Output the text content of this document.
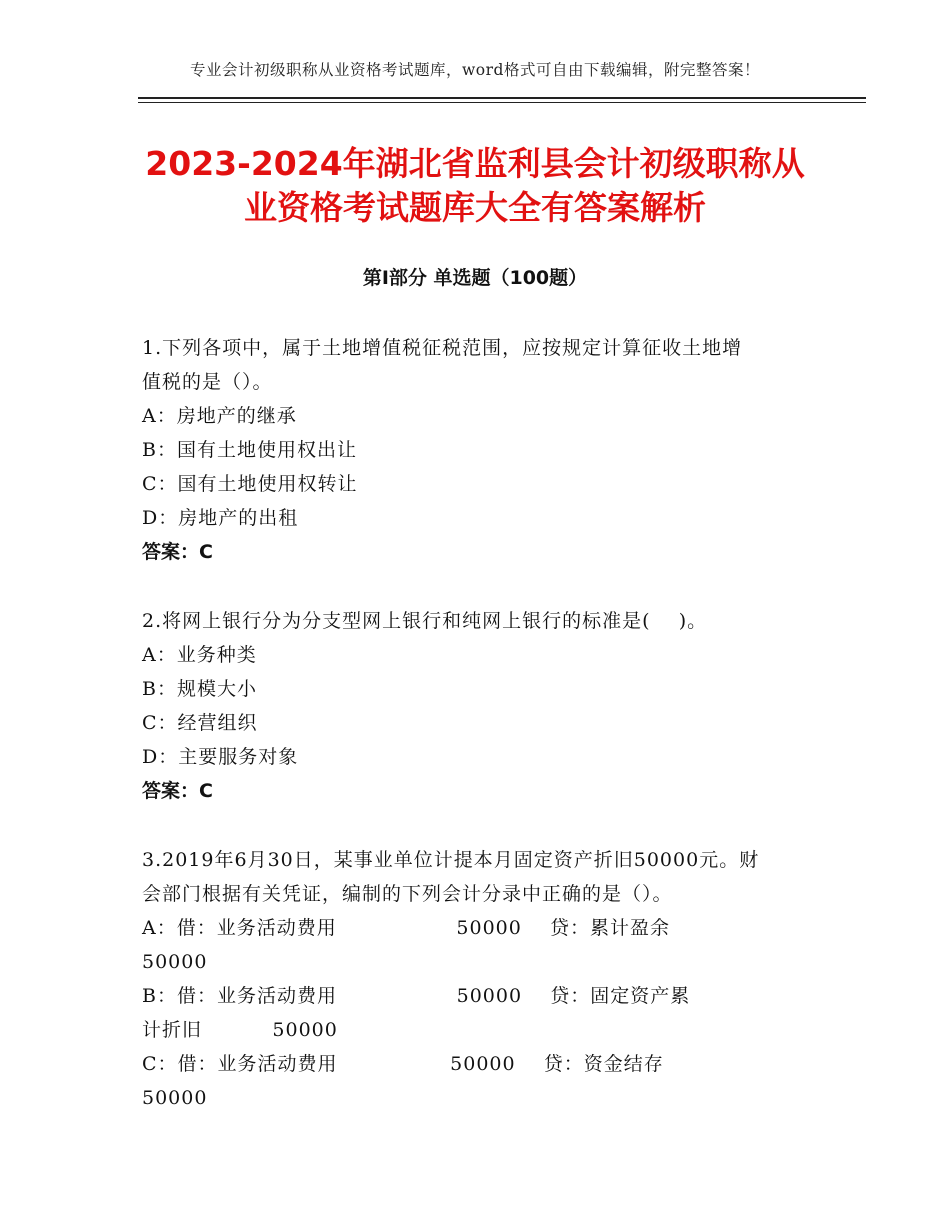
专业会计初级职称从业资格考试题库，word格式可自由下载编辑，附完整答案！
2023-2024年湖北省监利县会计初级职称从
业资格考试题库大全有答案解析
第Ⅰ部分 单选题（100题）
1.下列各项中，属于土地增值税征税范围，应按规定计算征收土地增
值税的是（）。
A：房地产的继承
B：国有土地使用权出让
C：国有土地使用权转让
D：房地产的出租
答案：C
2.将网上银行分为分支型网上银行和纯网上银行的标准是(    )。
A：业务种类
B：规模大小
C：经营组织
D：主要服务对象
答案：C
3.2019年6月30日，某事业单位计提本月固定资产折旧50000元。财
会部门根据有关凭证，编制的下列会计分录中正确的是（）。
A：借：业务活动费用                 50000    贷：累计盈余
50000
B：借：业务活动费用                 50000    贷：固定资产累
计折旧          50000
C：借：业务活动费用                50000    贷：资金结存
50000
